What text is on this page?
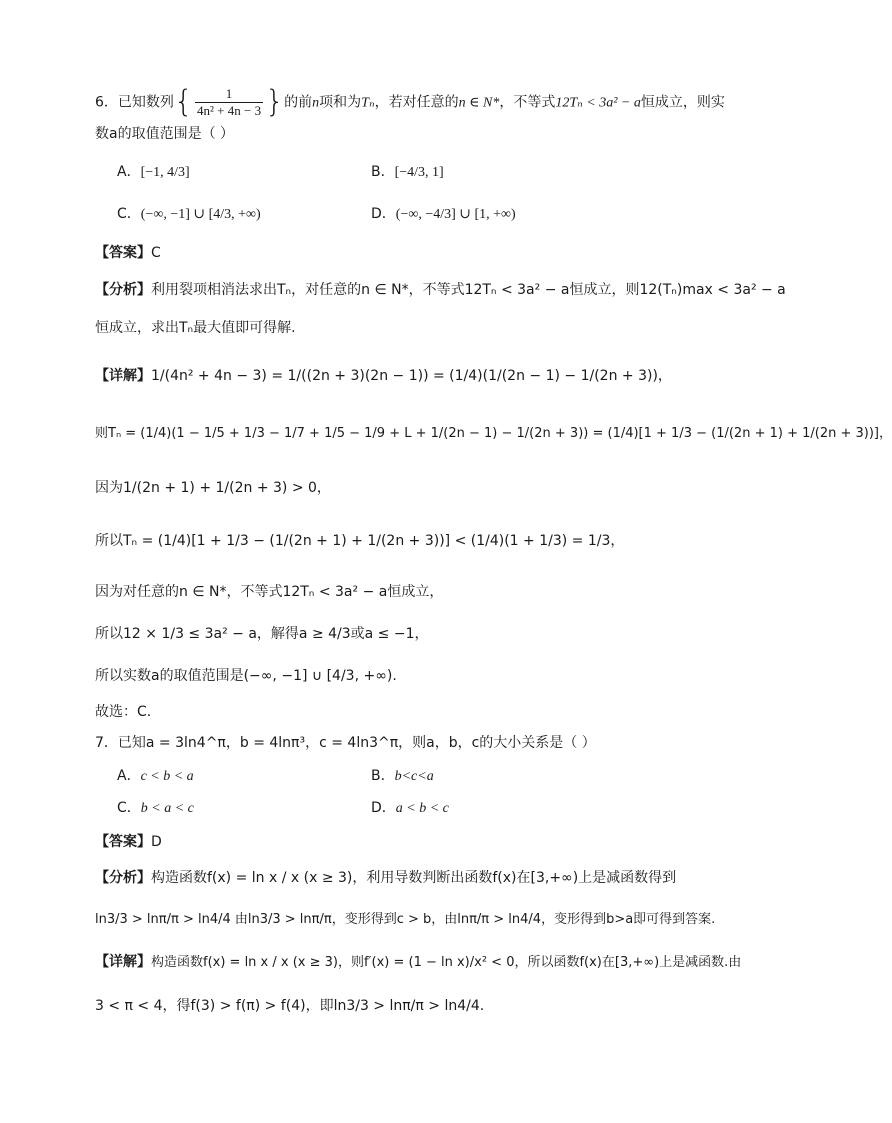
6．已知数列{ $\frac{1}{\text{4n² + 4n − 3}}$ }的前n项和为Tₙ，若对任意的n ∈ N*，不等式12Tₙ < 3a² − a恒成立，则实
数a的取值范围是（ ）
A．[−1, 4/3]	B．[−4/3, 1]
C．(−∞, −1] ∪ [4/3, +∞)	D．(−∞, −4/3] ∪ [1, +∞)
【答案】C
【分析】利用裂项相消法求出Tₙ，对任意的n ∈ N*，不等式12Tₙ < 3a² − a恒成立，则12(Tₙ)max < 3a² − a
恒成立，求出Tₙ最大值即可得解.
【详解】1/(4n² + 4n − 3) = 1/((2n + 3)(2n − 1)) = (1/4)(1/(2n − 1) − 1/(2n + 3))，
则Tₙ = (1/4)(1 − 1/5 + 1/3 − 1/7 + 1/5 − 1/9 + L + 1/(2n − 1) − 1/(2n + 3)) = (1/4)[1 + 1/3 − (1/(2n + 1) + 1/(2n + 3))]，
因为1/(2n + 1) + 1/(2n + 3) > 0，
所以Tₙ = (1/4)[1 + 1/3 − (1/(2n + 1) + 1/(2n + 3))] < (1/4)(1 + 1/3) = 1/3，
因为对任意的n ∈ N*，不等式12Tₙ < 3a² − a恒成立，
所以12 × 1/3 ≤ 3a² − a，解得a ≥ 4/3或a ≤ −1，
所以实数a的取值范围是(−∞, −1] ∪ [4/3, +∞).
故选：C.
7．已知a = 3ln4^π，b = 4lnπ³，c = 4ln3^π，则a，b，c的大小关系是（ ）
A．c < b < a	B．b<c<a
C．b < a < c	D．a < b < c
【答案】D
【分析】构造函数f(x) = ln x / x (x ≥ 3)，利用导数判断出函数f(x)在[3,+∞)上是减函数得到
ln3/3 > lnπ/π > ln4/4 由ln3/3 > lnπ/π，变形得到c > b，由lnπ/π > ln4/4，变形得到b>a即可得到答案.
【详解】构造函数f(x) = ln x / x (x ≥ 3)，则f′(x) = (1 − ln x)/x² < 0，所以函数f(x)在[3,+∞)上是减函数.由
3 < π < 4，得f(3) > f(π) > f(4)，即ln3/3 > lnπ/π > ln4/4.
